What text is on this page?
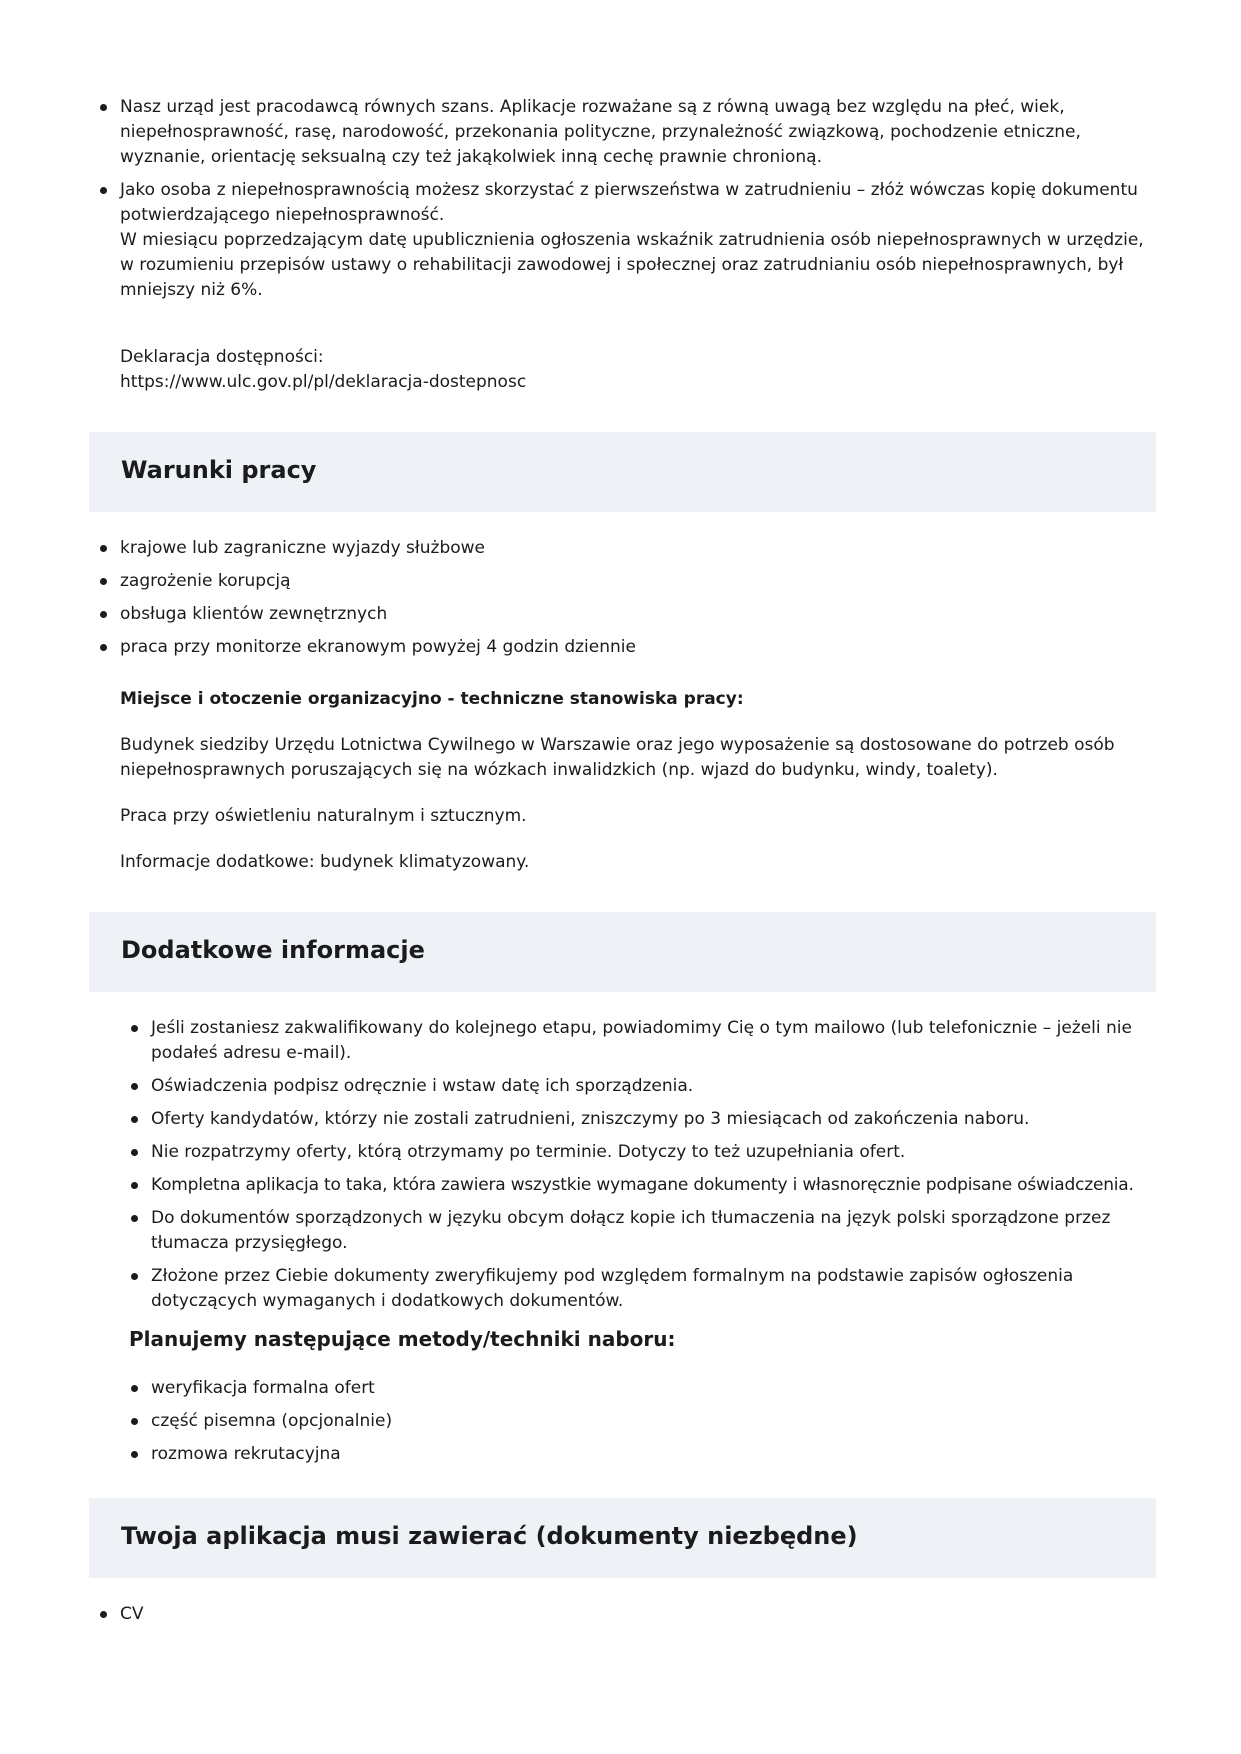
Nasz urząd jest pracodawcą równych szans. Aplikacje rozważane są z równą uwagą bez względu na płeć, wiek, niepełnosprawność, rasę, narodowość, przekonania polityczne, przynależność związkową, pochodzenie etniczne, wyznanie, orientację seksualną czy też jakąkolwiek inną cechę prawnie chronioną.
Jako osoba z niepełnosprawnością możesz skorzystać z pierwszeństwa w zatrudnieniu – złóż wówczas kopię dokumentu potwierdzającego niepełnosprawność.
W miesiącu poprzedzającym datę upublicznienia ogłoszenia wskaźnik zatrudnienia osób niepełnosprawnych w urzędzie, w rozumieniu przepisów ustawy o rehabilitacji zawodowej i społecznej oraz zatrudnianiu osób niepełnosprawnych, był mniejszy niż 6%.
Deklaracja dostępności:
https://www.ulc.gov.pl/pl/deklaracja-dostepnosc
Warunki pracy
krajowe lub zagraniczne wyjazdy służbowe
zagrożenie korupcją
obsługa klientów zewnętrznych
praca przy monitorze ekranowym powyżej 4 godzin dziennie
Miejsce i otoczenie organizacyjno - techniczne stanowiska pracy:
Budynek siedziby Urzędu Lotnictwa Cywilnego w Warszawie oraz jego wyposażenie są dostosowane do potrzeb osób niepełnosprawnych poruszających się na wózkach inwalidzkich (np. wjazd do budynku, windy, toalety).
Praca przy oświetleniu naturalnym i sztucznym.
Informacje dodatkowe: budynek klimatyzowany.
Dodatkowe informacje
Jeśli zostaniesz zakwalifikowany do kolejnego etapu, powiadomimy Cię o tym mailowo (lub telefonicznie – jeżeli nie podałeś adresu e-mail).
Oświadczenia podpisz odręcznie i wstaw datę ich sporządzenia.
Oferty kandydatów, którzy nie zostali zatrudnieni, zniszczymy po 3 miesiącach od zakończenia naboru.
Nie rozpatrzymy oferty, którą otrzymamy po terminie. Dotyczy to też uzupełniania ofert.
Kompletna aplikacja to taka, która zawiera wszystkie wymagane dokumenty i własnoręcznie podpisane oświadczenia.
Do dokumentów sporządzonych w języku obcym dołącz kopie ich tłumaczenia na język polski sporządzone przez tłumacza przysięgłego.
Złożone przez Ciebie dokumenty zweryfikujemy pod względem formalnym na podstawie zapisów ogłoszenia dotyczących wymaganych i dodatkowych dokumentów.
Planujemy następujące metody/techniki naboru:
weryfikacja formalna ofert
część pisemna (opcjonalnie)
rozmowa rekrutacyjna
Twoja aplikacja musi zawierać (dokumenty niezbędne)
CV
